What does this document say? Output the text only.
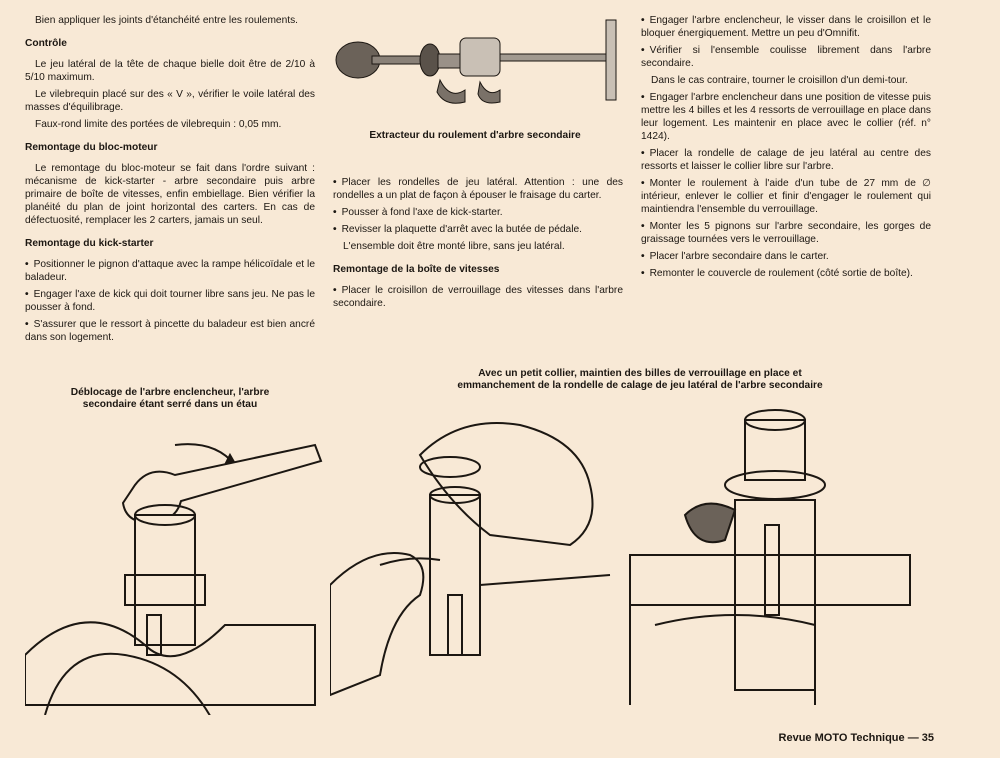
Bien appliquer les joints d'étanchéité entre les roulements.

Contrôle

Le jeu latéral de la tête de chaque bielle doit être de 2/10 à 5/10 maximum.

Le vilebrequin placé sur des « V », vérifier le voile latéral des masses d'équilibrage.

Faux-rond limite des portées de vilebrequin : 0,05 mm.

Remontage du bloc-moteur

Le remontage du bloc-moteur se fait dans l'ordre suivant : mécanisme de kick-starter - arbre secondaire puis arbre primaire de boîte de vitesses, enfin embiellage. Bien vérifier la planéité du plan de joint horizontal des carters. En cas de défectuosité, remplacer les 2 carters, jamais un seul.

Remontage du kick-starter

• Positionner le pignon d'attaque avec la rampe hélicoïdale et le baladeur.

• Engager l'axe de kick qui doit tourner libre sans jeu. Ne pas le pousser à fond.

• S'assurer que le ressort à pincette du baladeur est bien ancré dans son logement.

Extracteur du roulement d'arbre secondaire

• Placer les rondelles de jeu latéral. Attention : une des rondelles a un plat de façon à épouser le fraisage du carter.

• Pousser à fond l'axe de kick-starter.

• Revisser la plaquette d'arrêt avec la butée de pédale.

L'ensemble doit être monté libre, sans jeu latéral.

Remontage de la boîte de vitesses

• Placer le croisillon de verrouillage des vitesses dans l'arbre secondaire.

• Engager l'arbre enclencheur, le visser dans le croisillon et le bloquer énergiquement. Mettre un peu d'Omnifit.

• Vérifier si l'ensemble coulisse librement dans l'arbre secondaire.

Dans le cas contraire, tourner le croisillon d'un demi-tour.

• Engager l'arbre enclencheur dans une position de vitesse puis mettre les 4 billes et les 4 ressorts de verrouillage en place dans leur logement. Les maintenir en place avec le collier (réf. n° 1424).

• Placer la rondelle de calage de jeu latéral au centre des ressorts et laisser le collier libre sur l'arbre.

• Monter le roulement à l'aide d'un tube de 27 mm de ∅ intérieur, enlever le collier et finir d'engager le roulement qui maintiendra l'ensemble du verrouillage.

• Monter les 5 pignons sur l'arbre secondaire, les gorges de graissage tournées vers le verrouillage.

• Placer l'arbre secondaire dans le carter.

• Remonter le couvercle de roulement (côté sortie de boîte).

Déblocage de l'arbre enclencheur, l'arbre secondaire étant serré dans un étau
Avec un petit collier, maintien des billes de verrouillage en place et emmanchement de la rondelle de calage de jeu latéral de l'arbre secondaire
Revue MOTO Technique — 35
